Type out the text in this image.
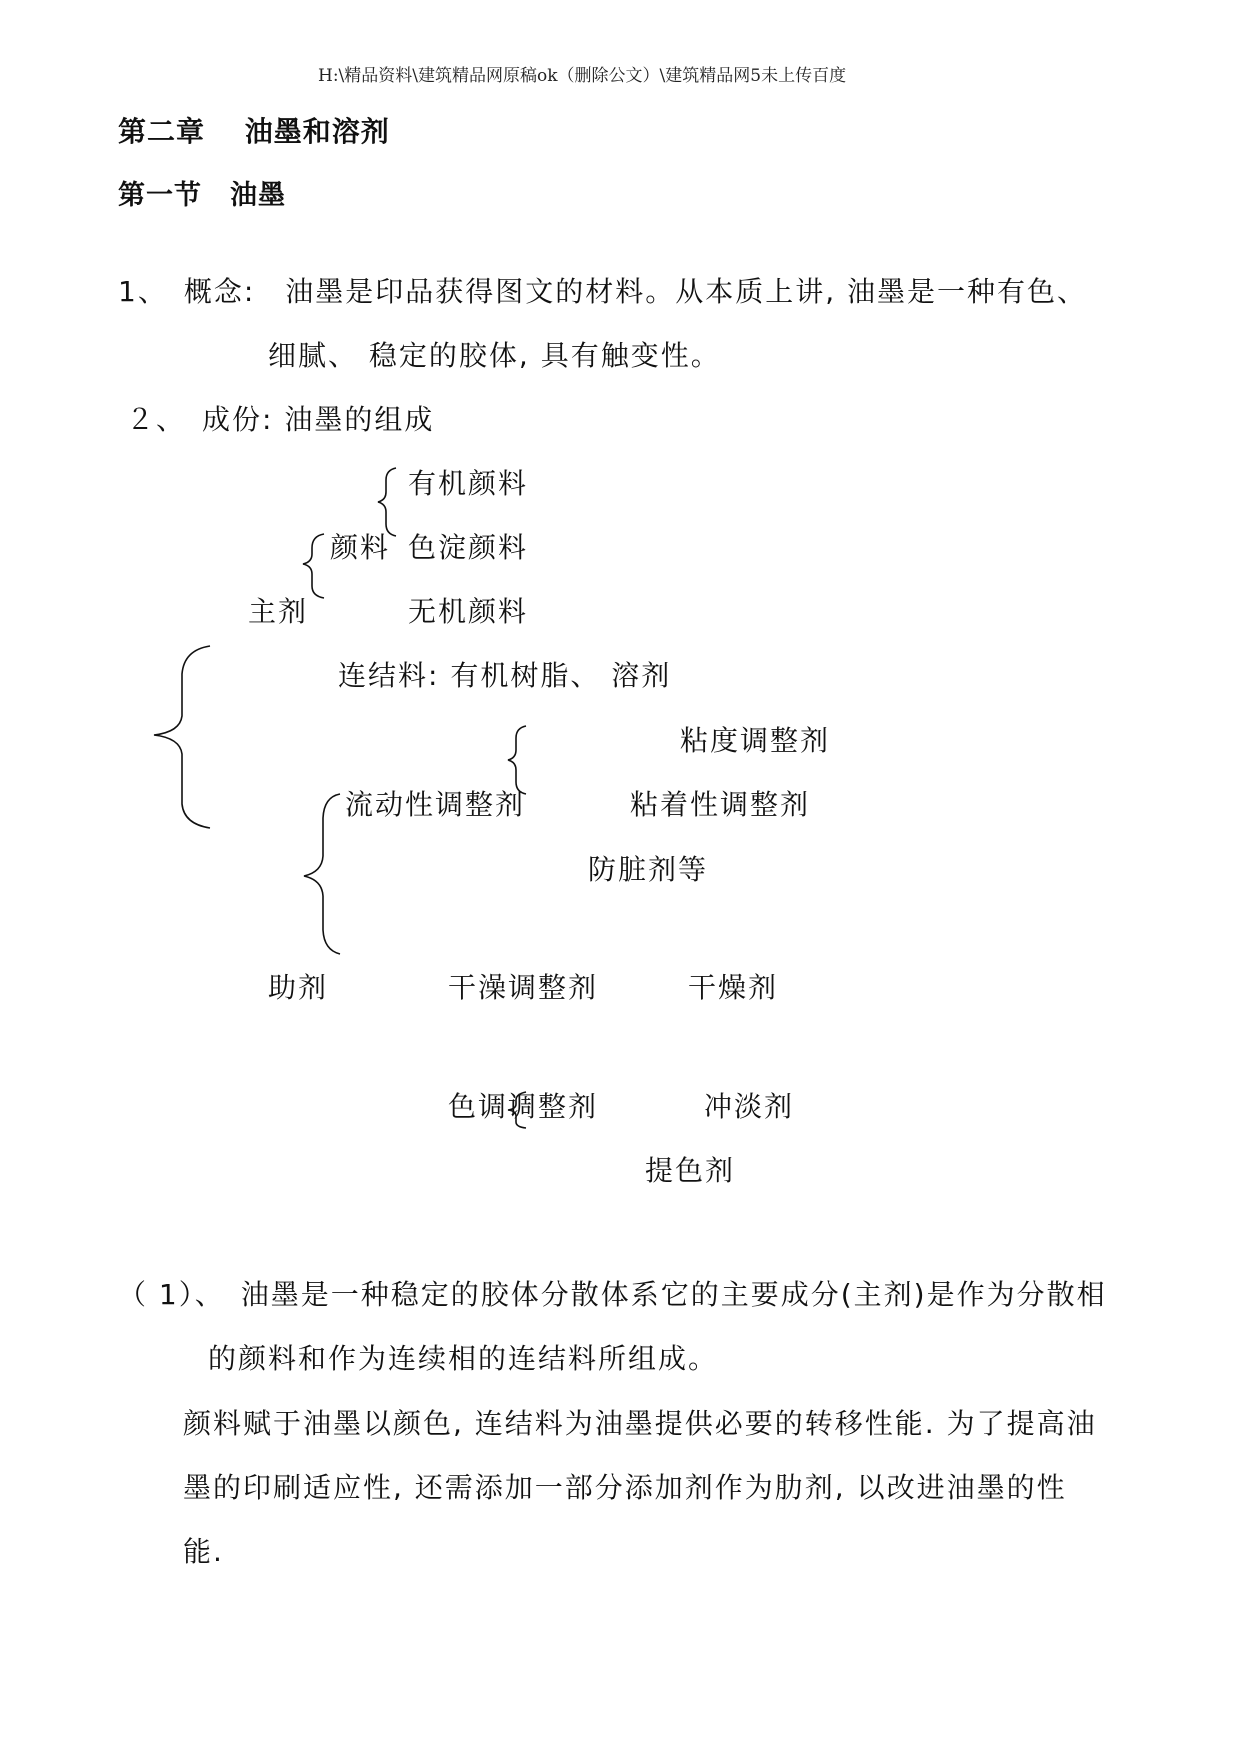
H:\精品资料\建筑精品网原稿ok（删除公文）\建筑精品网5未上传百度
第二章　 油墨和溶剂
第一节　油墨
1、　概念:　油墨是印品获得图文的材料。从本质上讲, 油墨是一种有色、
细腻、 稳定的胶体, 具有触变性。
２、　成份: 油墨的组成
有机颜料
颜料 色淀颜料
主剂	无机颜料
连结料: 有机树脂、 溶剂
粘度调整剂
流动性调整剂	粘着性调整剂
防脏剂等
助剂	干澡调整剂	干燥剂
色调调整剂	冲淡剂
提色剂
（ 1）、　油墨是一种稳定的胶体分散体系它的主要成分(主剂)是作为分散相
的颜料和作为连续相的连结料所组成。
颜料赋于油墨以颜色, 连结料为油墨提供必要的转移性能. 为了提高油
墨的印刷适应性, 还需添加一部分添加剂作为肋剂, 以改进油墨的性
能.
